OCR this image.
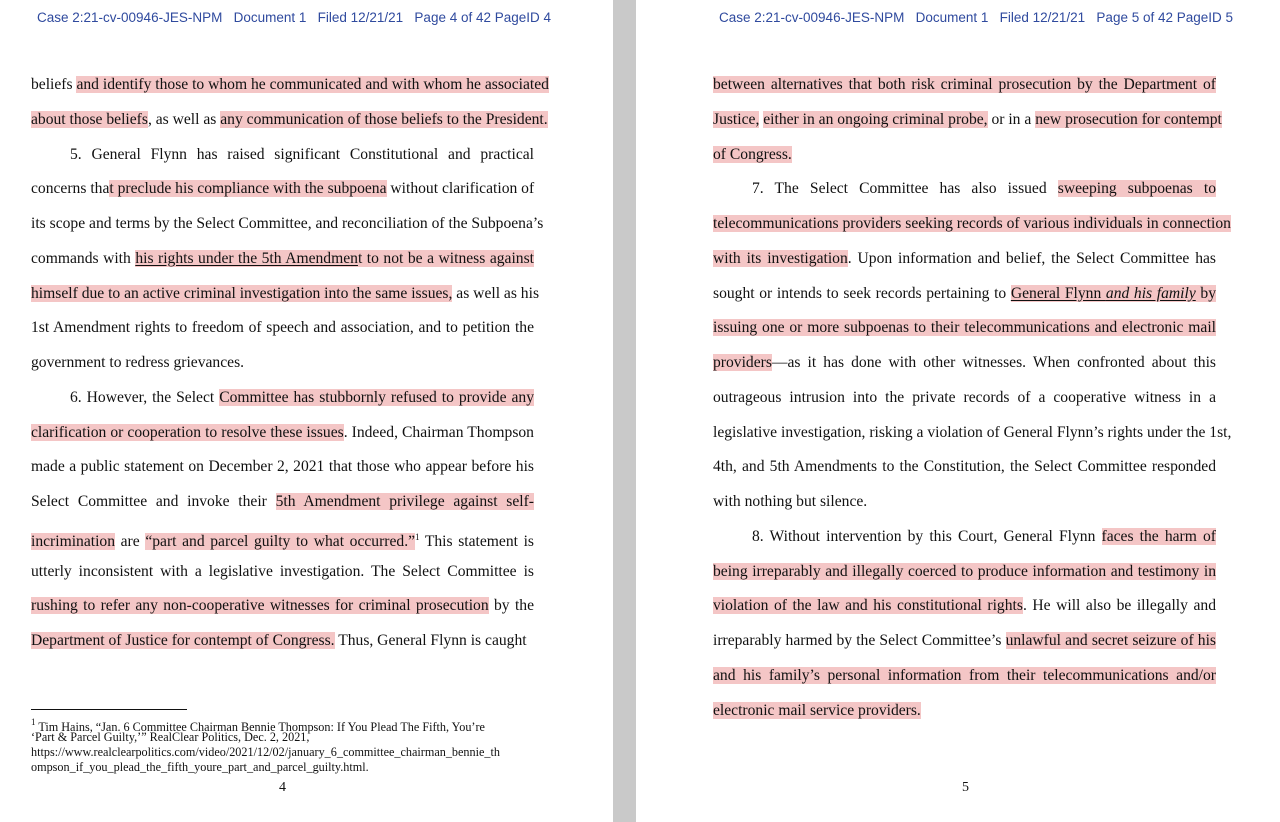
Case 2:21-cv-00946-JES-NPM   Document 1   Filed 12/21/21   Page 4 of 42 PageID 4
beliefs and identify those to whom he communicated and with whom he associated
about those beliefs, as well as any communication of those beliefs to the President.
5. General Flynn has raised significant Constitutional and practical
concerns that preclude his compliance with the subpoena without clarification of
its scope and terms by the Select Committee, and reconciliation of the Subpoena’s
commands with his rights under the 5th Amendment to not be a witness against
himself due to an active criminal investigation into the same issues, as well as his
1st Amendment rights to freedom of speech and association, and to petition the
government to redress grievances.
6. However, the Select Committee has stubbornly refused to provide any
clarification or cooperation to resolve these issues. Indeed, Chairman Thompson
made a public statement on December 2, 2021 that those who appear before his
Select Committee and invoke their 5th Amendment privilege against self-
incrimination are “part and parcel guilty to what occurred.”$^1$ This statement is
utterly inconsistent with a legislative investigation. The Select Committee is
rushing to refer any non-cooperative witnesses for criminal prosecution by the
Department of Justice for contempt of Congress. Thus, General Flynn is caught
$^1$ Tim Hains, “Jan. 6 Committee Chairman Bennie Thompson: If You Plead The Fifth, You’re
‘Part & Parcel Guilty,’” RealClear Politics, Dec. 2, 2021,
https://www.realclearpolitics.com/video/2021/12/02/january_6_committee_chairman_bennie_th
ompson_if_you_plead_the_fifth_youre_part_and_parcel_guilty.html.
4
Case 2:21-cv-00946-JES-NPM   Document 1   Filed 12/21/21   Page 5 of 42 PageID 5
between alternatives that both risk criminal prosecution by the Department of
Justice, either in an ongoing criminal probe, or in a new prosecution for contempt
of Congress.
7. The Select Committee has also issued sweeping subpoenas to
telecommunications providers seeking records of various individuals in connection
with its investigation. Upon information and belief, the Select Committee has
sought or intends to seek records pertaining to General Flynn and his family by
issuing one or more subpoenas to their telecommunications and electronic mail
providers—as it has done with other witnesses. When confronted about this
outrageous intrusion into the private records of a cooperative witness in a
legislative investigation, risking a violation of General Flynn’s rights under the 1st,
4th, and 5th Amendments to the Constitution, the Select Committee responded
with nothing but silence.
8. Without intervention by this Court, General Flynn faces the harm of
being irreparably and illegally coerced to produce information and testimony in
violation of the law and his constitutional rights. He will also be illegally and
irreparably harmed by the Select Committee’s unlawful and secret seizure of his
and his family’s personal information from their telecommunications and/or
electronic mail service providers.
5
